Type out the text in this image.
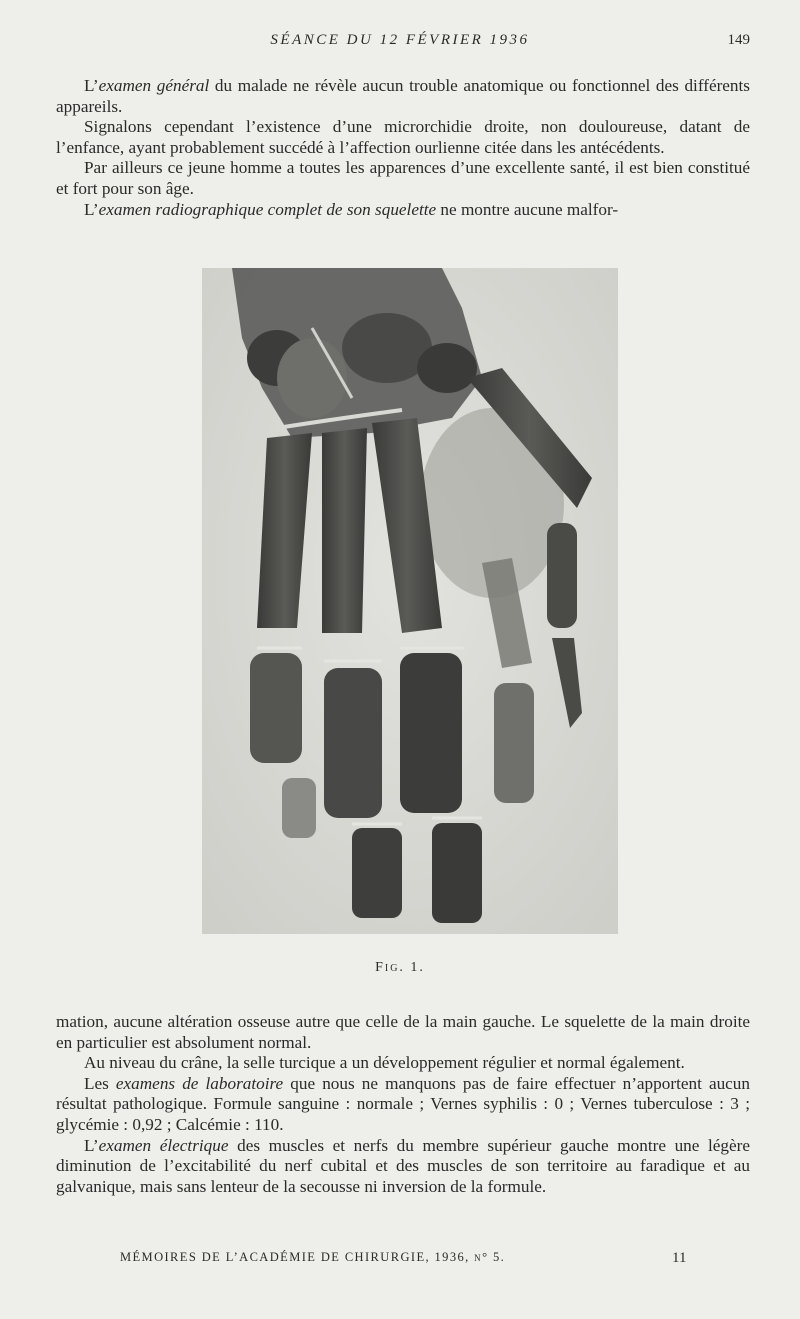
SÉANCE DU 12 FÉVRIER 1936	149

L’examen général du malade ne révèle aucun trouble anatomique ou fonctionnel des différents appareils.

Signalons cependant l’existence d’une microrchidie droite, non douloureuse, datant de l’enfance, ayant probablement succédé à l’affection ourlienne citée dans les antécédents.

Par ailleurs ce jeune homme a toutes les apparences d’une excellente santé, il est bien constitué et fort pour son âge.

L’examen radiographique complet de son squelette ne montre aucune malfor-

Fig. 1.

mation, aucune altération osseuse autre que celle de la main gauche. Le squelette de la main droite en particulier est absolument normal.

Au niveau du crâne, la selle turcique a un développement régulier et normal également.

Les examens de laboratoire que nous ne manquons pas de faire effectuer n’apportent aucun résultat pathologique. Formule sanguine : normale ; Vernes syphilis : 0 ; Vernes tuberculose : 3 ; glycémie : 0,92 ; Calcémie : 110.

L’examen électrique des muscles et nerfs du membre supérieur gauche montre une légère diminution de l’excitabilité du nerf cubital et des muscles de son territoire au faradique et au galvanique, mais sans lenteur de la secousse ni inversion de la formule.

MÉMOIRES DE L’ACADÉMIE DE CHIRURGIE, 1936, n° 5.	11
